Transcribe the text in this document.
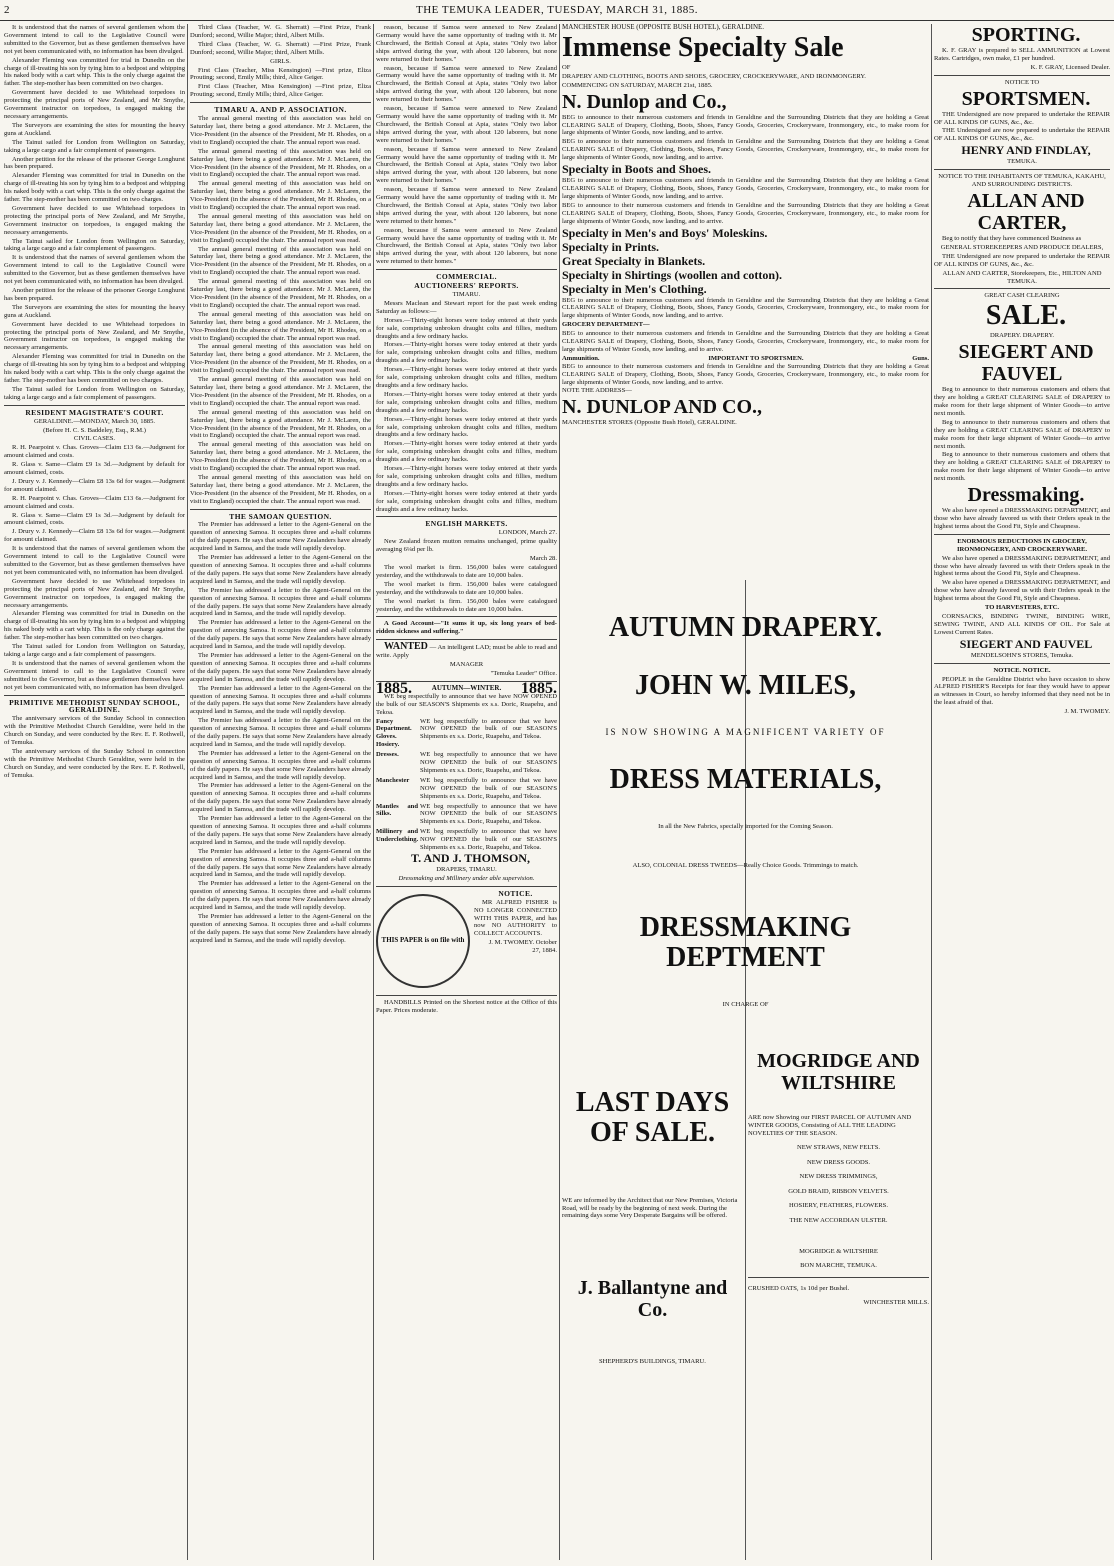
2	THE TEMUKA LEADER, TUESDAY, MARCH 31, 1885.

It is understood that the names of several gentlemen whom the Government intend to call to the Legislative Council were submitted to the Governor, but as these gentlemen themselves have not yet been communicated with, no information has been divulged.

Alexander Fleming was committed for trial in Dunedin on the charge of ill-treating his son by tying him to a bedpost and whipping his naked body with a cart whip. This is the only charge against the father. The step-mother has been committed on two charges.

Government have decided to use Whitehead torpedoes in protecting the principal ports of New Zealand, and Mr Smythe, Government instructor on torpedoes, is engaged making the necessary arrangements.

The Surveyors are examining the sites for mounting the heavy guns at Auckland.

The Tainui sailed for London from Wellington on Saturday, taking a large cargo and a fair complement of passengers.

Another petition for the release of the prisoner George Longhurst has been prepared.

Alexander Fleming was committed for trial in Dunedin on the charge of ill-treating his son by tying him to a bedpost and whipping his naked body with a cart whip. This is the only charge against the father. The step-mother has been committed on two charges.

Government have decided to use Whitehead torpedoes in protecting the principal ports of New Zealand, and Mr Smythe, Government instructor on torpedoes, is engaged making the necessary arrangements.

The Tainui sailed for London from Wellington on Saturday, taking a large cargo and a fair complement of passengers.

It is understood that the names of several gentlemen whom the Government intend to call to the Legislative Council were submitted to the Governor, but as these gentlemen themselves have not yet been communicated with, no information has been divulged.

Another petition for the release of the prisoner George Longhurst has been prepared.

The Surveyors are examining the sites for mounting the heavy guns at Auckland.

Government have decided to use Whitehead torpedoes in protecting the principal ports of New Zealand, and Mr Smythe, Government instructor on torpedoes, is engaged making the necessary arrangements.

Alexander Fleming was committed for trial in Dunedin on the charge of ill-treating his son by tying him to a bedpost and whipping his naked body with a cart whip. This is the only charge against the father. The step-mother has been committed on two charges.

The Tainui sailed for London from Wellington on Saturday, taking a large cargo and a fair complement of passengers.

RESIDENT MAGISTRATE'S COURT.

GERALDINE.—MONDAY, March 30, 1885.

(Before H. C. S. Baddeley, Esq., R.M.)

CIVIL CASES.

R. H. Pearpoint v. Chas. Groves—Claim £13 6s.—Judgment for amount claimed and costs.

R. Glass v. Same—Claim £9 1s 3d.—Judgment by default for amount claimed, costs.

J. Drury v. J. Kennedy—Claim £8 13s 6d for wages.—Judgment for amount claimed.

R. H. Pearpoint v. Chas. Groves—Claim £13 6s.—Judgment for amount claimed and costs.

R. Glass v. Same—Claim £9 1s 3d.—Judgment by default for amount claimed, costs.

J. Drury v. J. Kennedy—Claim £8 13s 6d for wages.—Judgment for amount claimed.

It is understood that the names of several gentlemen whom the Government intend to call to the Legislative Council were submitted to the Governor, but as these gentlemen themselves have not yet been communicated with, no information has been divulged.

Government have decided to use Whitehead torpedoes in protecting the principal ports of New Zealand, and Mr Smythe, Government instructor on torpedoes, is engaged making the necessary arrangements.

Alexander Fleming was committed for trial in Dunedin on the charge of ill-treating his son by tying him to a bedpost and whipping his naked body with a cart whip. This is the only charge against the father. The step-mother has been committed on two charges.

The Tainui sailed for London from Wellington on Saturday, taking a large cargo and a fair complement of passengers.

It is understood that the names of several gentlemen whom the Government intend to call to the Legislative Council were submitted to the Governor, but as these gentlemen themselves have not yet been communicated with, no information has been divulged.

PRIMITIVE METHODIST SUNDAY SCHOOL, GERALDINE.

The anniversary services of the Sunday School in connection with the Primitive Methodist Church Geraldine, were held in the Church on Sunday, and were conducted by the Rev. E. F. Rothwell, of Temuka.

The anniversary services of the Sunday School in connection with the Primitive Methodist Church Geraldine, were held in the Church on Sunday, and were conducted by the Rev. E. F. Rothwell, of Temuka.

Third Class (Teacher, W. G. Sherratt) —First Prize, Frank Dunford; second, Willie Major; third, Albert Mills.

Third Class (Teacher, W. G. Sherratt) —First Prize, Frank Dunford; second, Willie Major; third, Albert Mills.

GIRLS.

First Class (Teacher, Miss Kensington) —First prize, Eliza Prouting; second, Emily Mills; third, Alice Geiger.

First Class (Teacher, Miss Kensington) —First prize, Eliza Prouting; second, Emily Mills; third, Alice Geiger.

TIMARU A. AND P. ASSOCIATION.

The annual general meeting of this association was held on Saturday last, there being a good attendance. Mr J. McLaren, the Vice-President (in the absence of the President, Mr H. Rhodes, on a visit to England) occupied the chair. The annual report was read.

The annual general meeting of this association was held on Saturday last, there being a good attendance. Mr J. McLaren, the Vice-President (in the absence of the President, Mr H. Rhodes, on a visit to England) occupied the chair. The annual report was read.

The annual general meeting of this association was held on Saturday last, there being a good attendance. Mr J. McLaren, the Vice-President (in the absence of the President, Mr H. Rhodes, on a visit to England) occupied the chair. The annual report was read.

The annual general meeting of this association was held on Saturday last, there being a good attendance. Mr J. McLaren, the Vice-President (in the absence of the President, Mr H. Rhodes, on a visit to England) occupied the chair. The annual report was read.

The annual general meeting of this association was held on Saturday last, there being a good attendance. Mr J. McLaren, the Vice-President (in the absence of the President, Mr H. Rhodes, on a visit to England) occupied the chair. The annual report was read.

The annual general meeting of this association was held on Saturday last, there being a good attendance. Mr J. McLaren, the Vice-President (in the absence of the President, Mr H. Rhodes, on a visit to England) occupied the chair. The annual report was read.

The annual general meeting of this association was held on Saturday last, there being a good attendance. Mr J. McLaren, the Vice-President (in the absence of the President, Mr H. Rhodes, on a visit to England) occupied the chair. The annual report was read.

The annual general meeting of this association was held on Saturday last, there being a good attendance. Mr J. McLaren, the Vice-President (in the absence of the President, Mr H. Rhodes, on a visit to England) occupied the chair. The annual report was read.

The annual general meeting of this association was held on Saturday last, there being a good attendance. Mr J. McLaren, the Vice-President (in the absence of the President, Mr H. Rhodes, on a visit to England) occupied the chair. The annual report was read.

The annual general meeting of this association was held on Saturday last, there being a good attendance. Mr J. McLaren, the Vice-President (in the absence of the President, Mr H. Rhodes, on a visit to England) occupied the chair. The annual report was read.

The annual general meeting of this association was held on Saturday last, there being a good attendance. Mr J. McLaren, the Vice-President (in the absence of the President, Mr H. Rhodes, on a visit to England) occupied the chair. The annual report was read.

The annual general meeting of this association was held on Saturday last, there being a good attendance. Mr J. McLaren, the Vice-President (in the absence of the President, Mr H. Rhodes, on a visit to England) occupied the chair. The annual report was read.

THE SAMOAN QUESTION.

The Premier has addressed a letter to the Agent-General on the question of annexing Samoa. It occupies three and a-half columns of the daily papers. He says that some New Zealanders have already acquired land in Samoa, and the trade will rapidly develop.

The Premier has addressed a letter to the Agent-General on the question of annexing Samoa. It occupies three and a-half columns of the daily papers. He says that some New Zealanders have already acquired land in Samoa, and the trade will rapidly develop.

The Premier has addressed a letter to the Agent-General on the question of annexing Samoa. It occupies three and a-half columns of the daily papers. He says that some New Zealanders have already acquired land in Samoa, and the trade will rapidly develop.

The Premier has addressed a letter to the Agent-General on the question of annexing Samoa. It occupies three and a-half columns of the daily papers. He says that some New Zealanders have already acquired land in Samoa, and the trade will rapidly develop.

The Premier has addressed a letter to the Agent-General on the question of annexing Samoa. It occupies three and a-half columns of the daily papers. He says that some New Zealanders have already acquired land in Samoa, and the trade will rapidly develop.

The Premier has addressed a letter to the Agent-General on the question of annexing Samoa. It occupies three and a-half columns of the daily papers. He says that some New Zealanders have already acquired land in Samoa, and the trade will rapidly develop.

The Premier has addressed a letter to the Agent-General on the question of annexing Samoa. It occupies three and a-half columns of the daily papers. He says that some New Zealanders have already acquired land in Samoa, and the trade will rapidly develop.

The Premier has addressed a letter to the Agent-General on the question of annexing Samoa. It occupies three and a-half columns of the daily papers. He says that some New Zealanders have already acquired land in Samoa, and the trade will rapidly develop.

The Premier has addressed a letter to the Agent-General on the question of annexing Samoa. It occupies three and a-half columns of the daily papers. He says that some New Zealanders have already acquired land in Samoa, and the trade will rapidly develop.

The Premier has addressed a letter to the Agent-General on the question of annexing Samoa. It occupies three and a-half columns of the daily papers. He says that some New Zealanders have already acquired land in Samoa, and the trade will rapidly develop.

The Premier has addressed a letter to the Agent-General on the question of annexing Samoa. It occupies three and a-half columns of the daily papers. He says that some New Zealanders have already acquired land in Samoa, and the trade will rapidly develop.

The Premier has addressed a letter to the Agent-General on the question of annexing Samoa. It occupies three and a-half columns of the daily papers. He says that some New Zealanders have already acquired land in Samoa, and the trade will rapidly develop.

The Premier has addressed a letter to the Agent-General on the question of annexing Samoa. It occupies three and a-half columns of the daily papers. He says that some New Zealanders have already acquired land in Samoa, and the trade will rapidly develop.

reason, because if Samoa were annexed to New Zealand Germany would have the same opportunity of trading with it. Mr Churchward, the British Consul at Apia, states "Only two labor ships arrived during the year, with about 120 laborers, but none were returned to their homes."

reason, because if Samoa were annexed to New Zealand Germany would have the same opportunity of trading with it. Mr Churchward, the British Consul at Apia, states "Only two labor ships arrived during the year, with about 120 laborers, but none were returned to their homes."

reason, because if Samoa were annexed to New Zealand Germany would have the same opportunity of trading with it. Mr Churchward, the British Consul at Apia, states "Only two labor ships arrived during the year, with about 120 laborers, but none were returned to their homes."

reason, because if Samoa were annexed to New Zealand Germany would have the same opportunity of trading with it. Mr Churchward, the British Consul at Apia, states "Only two labor ships arrived during the year, with about 120 laborers, but none were returned to their homes."

reason, because if Samoa were annexed to New Zealand Germany would have the same opportunity of trading with it. Mr Churchward, the British Consul at Apia, states "Only two labor ships arrived during the year, with about 120 laborers, but none were returned to their homes."

reason, because if Samoa were annexed to New Zealand Germany would have the same opportunity of trading with it. Mr Churchward, the British Consul at Apia, states "Only two labor ships arrived during the year, with about 120 laborers, but none were returned to their homes."

COMMERCIAL.

AUCTIONEERS' REPORTS.

TIMARU.

Messrs Maclean and Stewart report for the past week ending Saturday as follows:—

Horses.—Thirty-eight horses were today entered at their yards for sale, comprising unbroken draught colts and fillies, medium draughts and a few ordinary hacks.

Horses.—Thirty-eight horses were today entered at their yards for sale, comprising unbroken draught colts and fillies, medium draughts and a few ordinary hacks.

Horses.—Thirty-eight horses were today entered at their yards for sale, comprising unbroken draught colts and fillies, medium draughts and a few ordinary hacks.

Horses.—Thirty-eight horses were today entered at their yards for sale, comprising unbroken draught colts and fillies, medium draughts and a few ordinary hacks.

Horses.—Thirty-eight horses were today entered at their yards for sale, comprising unbroken draught colts and fillies, medium draughts and a few ordinary hacks.

Horses.—Thirty-eight horses were today entered at their yards for sale, comprising unbroken draught colts and fillies, medium draughts and a few ordinary hacks.

Horses.—Thirty-eight horses were today entered at their yards for sale, comprising unbroken draught colts and fillies, medium draughts and a few ordinary hacks.

Horses.—Thirty-eight horses were today entered at their yards for sale, comprising unbroken draught colts and fillies, medium draughts and a few ordinary hacks.

ENGLISH MARKETS.

LONDON, March 27.

New Zealand frozen mutton remains unchanged, prime quality averaging 6¼d per lb.

March 28.

The wool market is firm. 156,000 bales were catalogued yesterday, and the withdrawals to date are 10,000 bales.

The wool market is firm. 156,000 bales were catalogued yesterday, and the withdrawals to date are 10,000 bales.

The wool market is firm. 156,000 bales were catalogued yesterday, and the withdrawals to date are 10,000 bales.

A Good Account—"It sums it up, six long years of bed-ridden sickness and suffering."

WANTED — An intelligent LAD; must be able to read and write. Apply

MANAGER

"Temuka Leader" Office.

1885.	AUTUMN—WINTER. 1885.

WE beg respectfully to announce that we have NOW OPENED the bulk of our SEASON'S Shipments ex s.s. Doric, Ruapehu, and Tekoa.

Fancy Department. Gloves. Hosiery.
WE beg respectfully to announce that we have NOW OPENED the bulk of our SEASON'S Shipments ex s.s. Doric, Ruapehu, and Tekoa.
Dresses.	WE beg respectfully to announce that we have NOW OPENED the bulk of our SEASON'S Shipments ex s.s. Doric, Ruapehu, and Tekoa.
Manchester	WE beg respectfully to announce that we have NOW OPENED the bulk of our SEASON'S Shipments ex s.s. Doric, Ruapehu, and Tekoa.
Mantles and Silks.
WE beg respectfully to announce that we have NOW OPENED the bulk of our SEASON'S Shipments ex s.s. Doric, Ruapehu, and Tekoa.
Millinery and Underclothing.
WE beg respectfully to announce that we have NOW OPENED the bulk of our SEASON'S Shipments ex s.s. Doric, Ruapehu, and Tekoa.

T. AND J. THOMSON,

DRAPERS, TIMARU.

Dressmaking and Millinery under able supervision.

THIS PAPER is on file with

NOTICE.

MR ALFRED FISHER is NO LONGER CONNECTED WITH THIS PAPER, and has now NO AUTHORITY to COLLECT ACCOUNTS.

J. M. TWOMEY. October 27, 1884.

HANDBILLS Printed on the Shortest notice at the Office of this Paper. Prices moderate.

MANCHESTER HOUSE (OPPOSITE BUSH HOTEL), GERALDINE.

Immense Specialty Sale

OF

DRAPERY AND CLOTHING, BOOTS AND SHOES, GROCERY, CROCKERYWARE, AND IRONMONGERY.

COMMENCING ON SATURDAY, MARCH 21st, 1885.

N. Dunlop and Co.,

BEG to announce to their numerous customers and friends in Geraldine and the Surrounding Districts that they are holding a Great CLEARING SALE of Drapery, Clothing, Boots, Shoes, Fancy Goods, Groceries, Crockeryware, Ironmongery, etc., to make room for large shipments of Winter Goods, now landing, and to arrive.

BEG to announce to their numerous customers and friends in Geraldine and the Surrounding Districts that they are holding a Great CLEARING SALE of Drapery, Clothing, Boots, Shoes, Fancy Goods, Groceries, Crockeryware, Ironmongery, etc., to make room for large shipments of Winter Goods, now landing, and to arrive.

Specialty in Boots and Shoes.

BEG to announce to their numerous customers and friends in Geraldine and the Surrounding Districts that they are holding a Great CLEARING SALE of Drapery, Clothing, Boots, Shoes, Fancy Goods, Groceries, Crockeryware, Ironmongery, etc., to make room for large shipments of Winter Goods, now landing, and to arrive.

BEG to announce to their numerous customers and friends in Geraldine and the Surrounding Districts that they are holding a Great CLEARING SALE of Drapery, Clothing, Boots, Shoes, Fancy Goods, Groceries, Crockeryware, Ironmongery, etc., to make room for large shipments of Winter Goods, now landing, and to arrive.

Specialty in Men's and Boys' Moleskins.

Specialty in Prints.

Great Specialty in Blankets.

Specialty in Shirtings (woollen and cotton).

Specialty in Men's Clothing.

BEG to announce to their numerous customers and friends in Geraldine and the Surrounding Districts that they are holding a Great CLEARING SALE of Drapery, Clothing, Boots, Shoes, Fancy Goods, Groceries, Crockeryware, Ironmongery, etc., to make room for large shipments of Winter Goods, now landing, and to arrive.

GROCERY DEPARTMENT—

BEG to announce to their numerous customers and friends in Geraldine and the Surrounding Districts that they are holding a Great CLEARING SALE of Drapery, Clothing, Boots, Shoes, Fancy Goods, Groceries, Crockeryware, Ironmongery, etc., to make room for large shipments of Winter Goods, now landing, and to arrive.

Ammunition.	IMPORTANT TO SPORTSMEN.	Guns.

BEG to announce to their numerous customers and friends in Geraldine and the Surrounding Districts that they are holding a Great CLEARING SALE of Drapery, Clothing, Boots, Shoes, Fancy Goods, Groceries, Crockeryware, Ironmongery, etc., to make room for large shipments of Winter Goods, now landing, and to arrive.

NOTE THE ADDRESS—

N. DUNLOP AND CO.,

MANCHESTER STORES (Opposite Bush Hotel), GERALDINE.

AUTUMN DRAPERY.

JOHN W. MILES,

IS NOW SHOWING A MAGNIFICENT VARIETY OF

DRESS MATERIALS,

In all the New Fabrics, specially imported for the Coming Season.

ALSO, COLONIAL DRESS TWEEDS—Really Choice Goods. Trimmings to match.

DRESSMAKING DEPTMENT

IN CHARGE OF

LAST DAYS OF SALE.

WE are informed by the Architect that our New Premises, Victoria Road, will be ready by the beginning of next week. During the remaining days some Very Desperate Bargains will be offered.

J. Ballantyne and Co.

SHEPHERD'S BUILDINGS, TIMARU.

MOGRIDGE AND WILTSHIRE

ARE now Showing our FIRST PARCEL OF AUTUMN AND WINTER GOODS, Consisting of ALL THE LEADING NOVELTIES OF THE SEASON.

NEW STRAWS, NEW FELTS.

NEW DRESS GOODS.

NEW DRESS TRIMMINGS,

GOLD BRAID, RIBBON VELVETS.

HOSIERY, FEATHERS, FLOWERS.

THE NEW ACCORDIAN ULSTER.

MOGRIDGE & WILTSHIRE

BON MARCHE, TEMUKA.

CRUSHED OATS, 1s 10d per Bushel.

WINCHESTER MILLS.

SPORTING.

K. F. GRAY is prepared to SELL AMMUNITION at Lowest Rates. Cartridges, own make, £1 per hundred.

K. F. GRAY, Licensed Dealer.

NOTICE TO

SPORTSMEN.

THE Undersigned are now prepared to undertake the REPAIR OF ALL KINDS OF GUNS, &c., &c.

THE Undersigned are now prepared to undertake the REPAIR OF ALL KINDS OF GUNS, &c., &c.

HENRY AND FINDLAY,

TEMUKA.

NOTICE TO THE INHABITANTS OF TEMUKA, KAKAHU, AND SURROUNDING DISTRICTS.

ALLAN AND CARTER,

Beg to notify that they have commenced Business as

GENERAL STOREKEEPERS AND PRODUCE DEALERS,

THE Undersigned are now prepared to undertake the REPAIR OF ALL KINDS OF GUNS, &c., &c.

ALLAN AND CARTER, Storekeepers, Etc., HILTON AND TEMUKA.

GREAT CASH CLEARING

SALE.

DRAPERY. DRAPERY.

SIEGERT AND FAUVEL

Beg to announce to their numerous customers and others that they are holding a GREAT CLEARING SALE of DRAPERY to make room for their large shipment of Winter Goods—to arrive next month.

Beg to announce to their numerous customers and others that they are holding a GREAT CLEARING SALE of DRAPERY to make room for their large shipment of Winter Goods—to arrive next month.

Beg to announce to their numerous customers and others that they are holding a GREAT CLEARING SALE of DRAPERY to make room for their large shipment of Winter Goods—to arrive next month.

Dressmaking.

We also have opened a DRESSMAKING DEPARTMENT, and those who have already favored us with their Orders speak in the highest terms about the Good Fit, Style and Cheapness.

ENORMOUS REDUCTIONS IN GROCERY, IRONMONGERY, AND CROCKERYWARE.

We also have opened a DRESSMAKING DEPARTMENT, and those who have already favored us with their Orders speak in the highest terms about the Good Fit, Style and Cheapness.

We also have opened a DRESSMAKING DEPARTMENT, and those who have already favored us with their Orders speak in the highest terms about the Good Fit, Style and Cheapness.

TO HARVESTERS, ETC.

CORNSACKS, BINDING TWINE, BINDING WIRE, SEWING TWINE, AND ALL KINDS OF OIL. For Sale at Lowest Current Rates.

SIEGERT AND FAUVEL

MENDELSOHN'S STORES, Temuka.

NOTICE. NOTICE.

PEOPLE in the Geraldine District who have occasion to show ALFRED FISHER'S Receipts for fear they would have to appear as witnesses in Court, so hereby informed that they need not be in the least afraid of that.

J. M. TWOMEY.
